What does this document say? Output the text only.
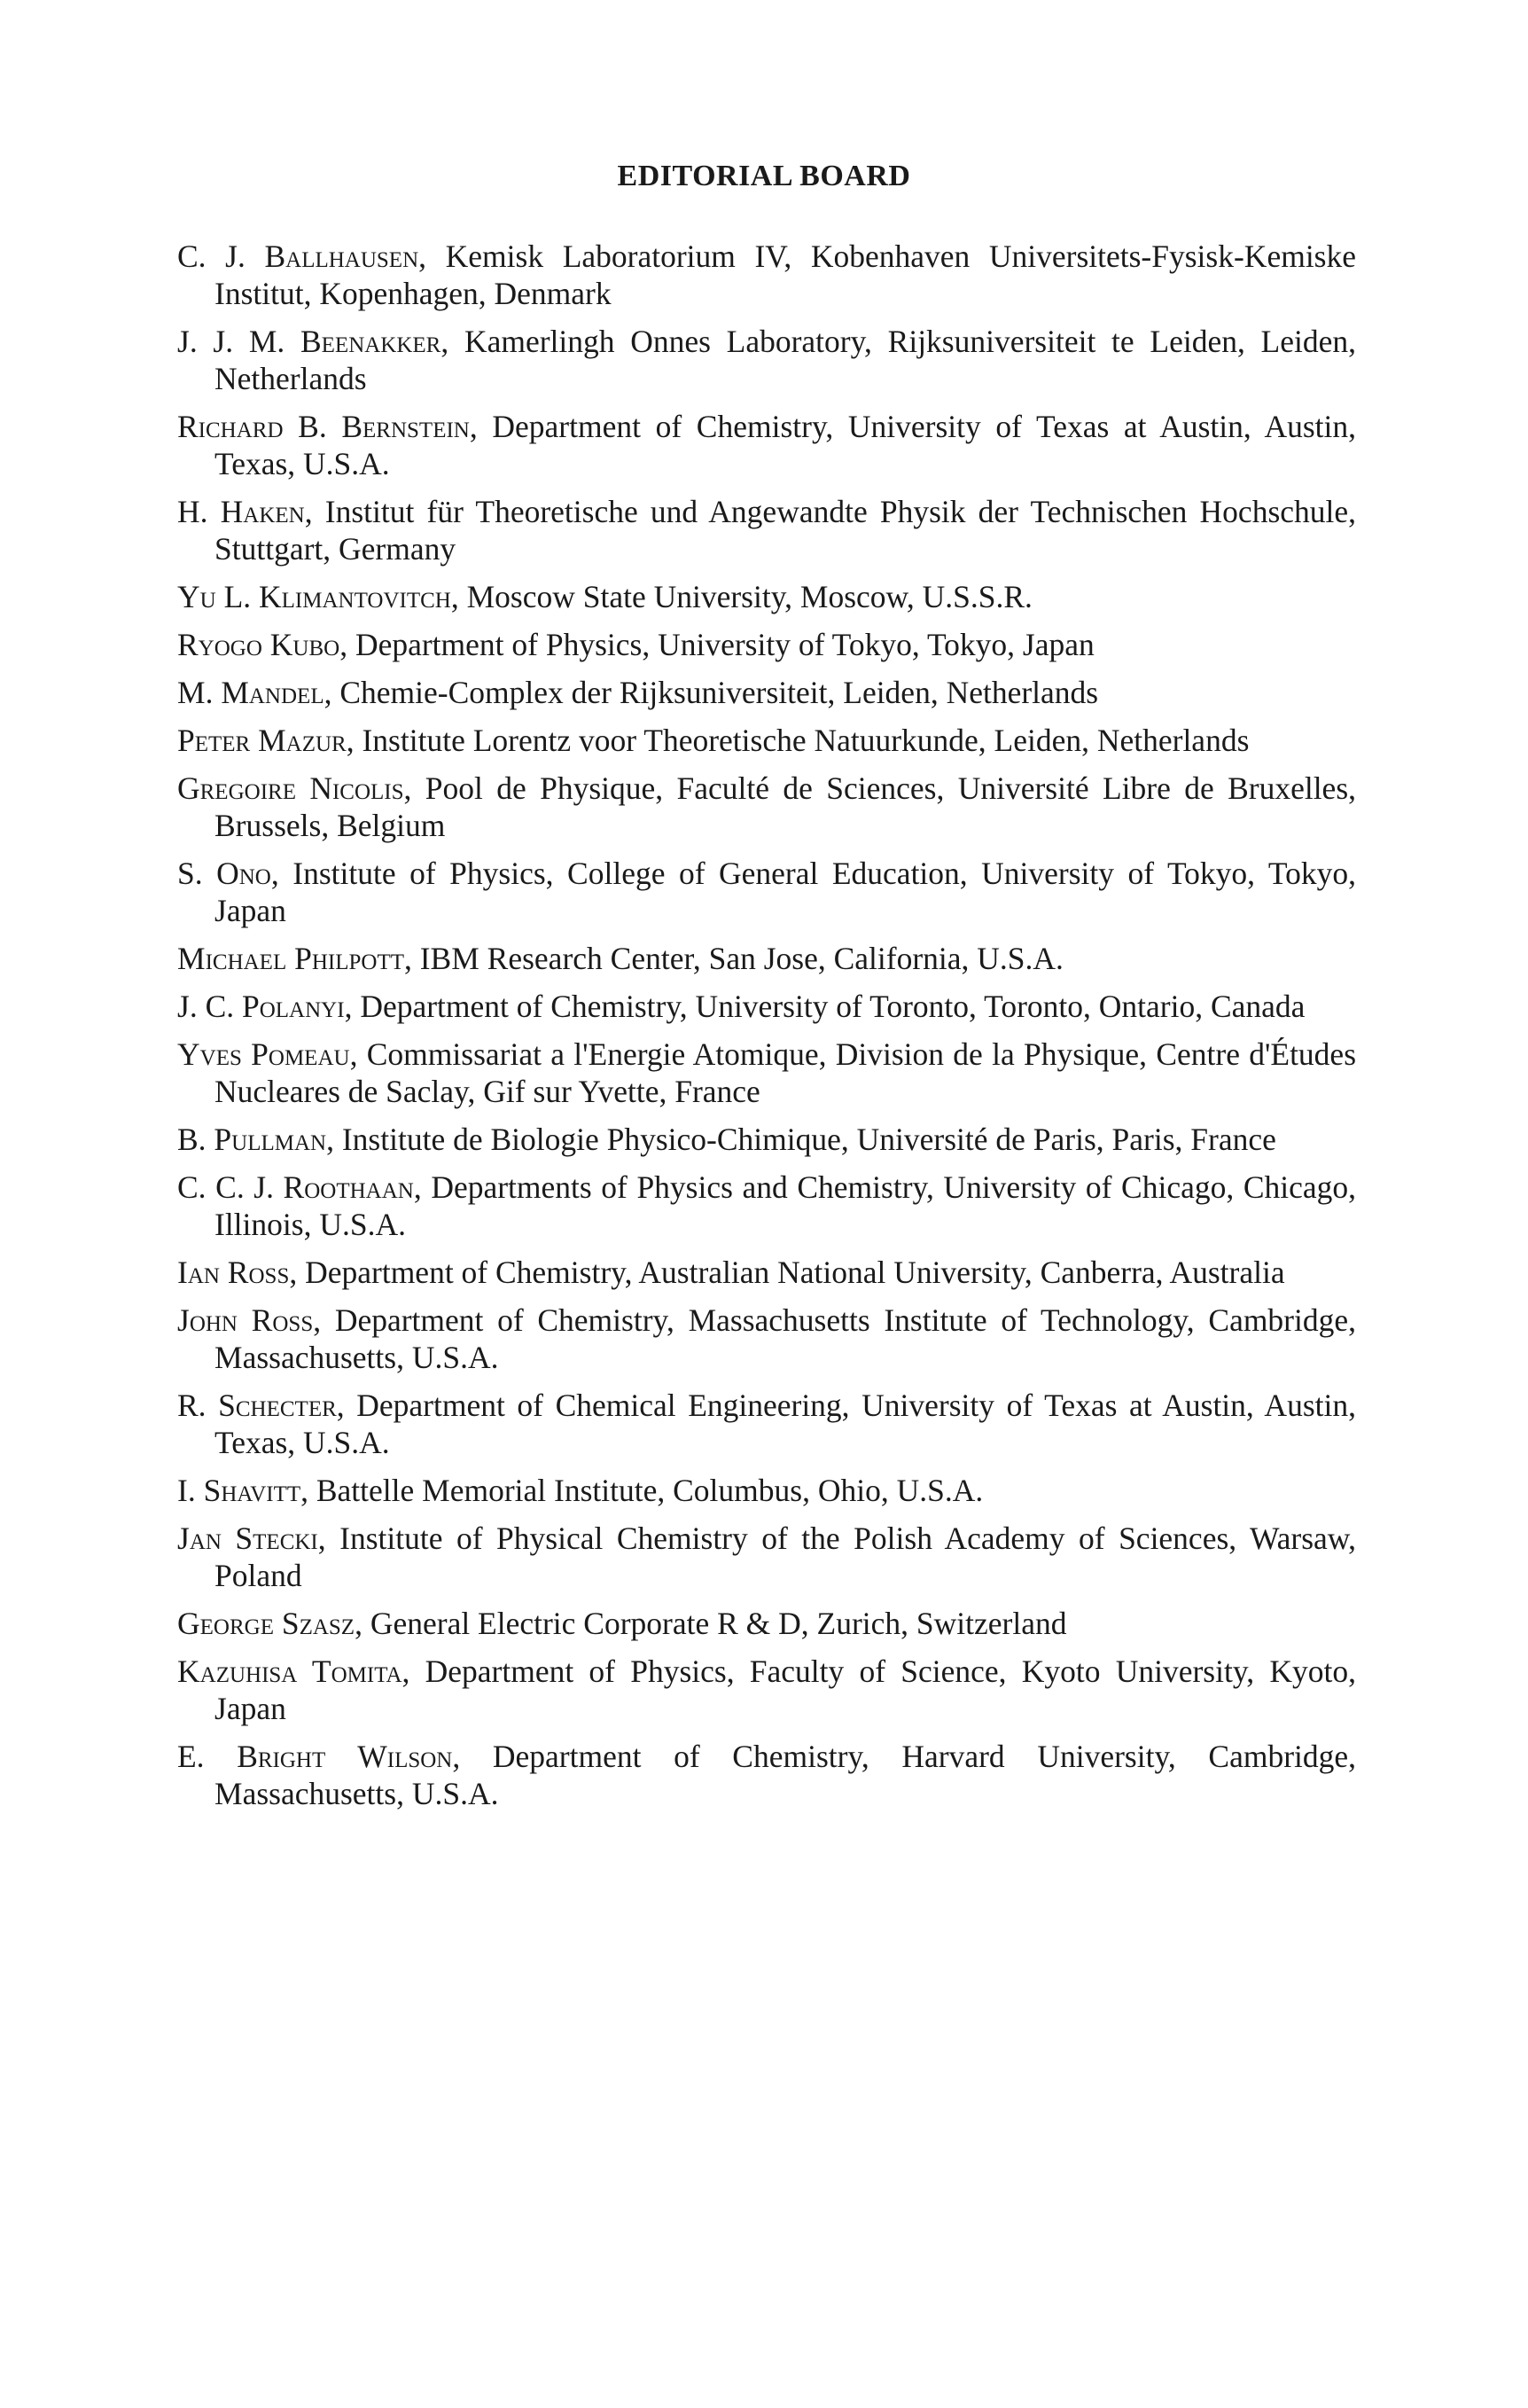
EDITORIAL BOARD
C. J. Ballhausen, Kemisk Laboratorium IV, Kobenhaven Universitets-Fysisk-Kemiske Institut, Kopenhagen, Denmark
J. J. M. Beenakker, Kamerlingh Onnes Laboratory, Rijksuniversiteit te Leiden, Leiden, Netherlands
Richard B. Bernstein, Department of Chemistry, University of Texas at Austin, Austin, Texas, U.S.A.
H. Haken, Institut für Theoretische und Angewandte Physik der Technischen Hochschule, Stuttgart, Germany
Yu L. Klimantovitch, Moscow State University, Moscow, U.S.S.R.
Ryogo Kubo, Department of Physics, University of Tokyo, Tokyo, Japan
M. Mandel, Chemie-Complex der Rijksuniversiteit, Leiden, Netherlands
Peter Mazur, Institute Lorentz voor Theoretische Natuurkunde, Leiden, Netherlands
Gregoire Nicolis, Pool de Physique, Faculté de Sciences, Université Libre de Bruxelles, Brussels, Belgium
S. Ono, Institute of Physics, College of General Education, University of Tokyo, Tokyo, Japan
Michael Philpott, IBM Research Center, San Jose, California, U.S.A.
J. C. Polanyi, Department of Chemistry, University of Toronto, Toronto, Ontario, Canada
Yves Pomeau, Commissariat a l'Energie Atomique, Division de la Physique, Centre d'Études Nucleares de Saclay, Gif sur Yvette, France
B. Pullman, Institute de Biologie Physico-Chimique, Université de Paris, Paris, France
C. C. J. Roothaan, Departments of Physics and Chemistry, University of Chicago, Chicago, Illinois, U.S.A.
Ian Ross, Department of Chemistry, Australian National University, Canberra, Australia
John Ross, Department of Chemistry, Massachusetts Institute of Technology, Cambridge, Massachusetts, U.S.A.
R. Schecter, Department of Chemical Engineering, University of Texas at Austin, Austin, Texas, U.S.A.
I. Shavitt, Battelle Memorial Institute, Columbus, Ohio, U.S.A.
Jan Stecki, Institute of Physical Chemistry of the Polish Academy of Sciences, Warsaw, Poland
George Szasz, General Electric Corporate R & D, Zurich, Switzerland
Kazuhisa Tomita, Department of Physics, Faculty of Science, Kyoto University, Kyoto, Japan
E. Bright Wilson, Department of Chemistry, Harvard University, Cambridge, Massachusetts, U.S.A.
